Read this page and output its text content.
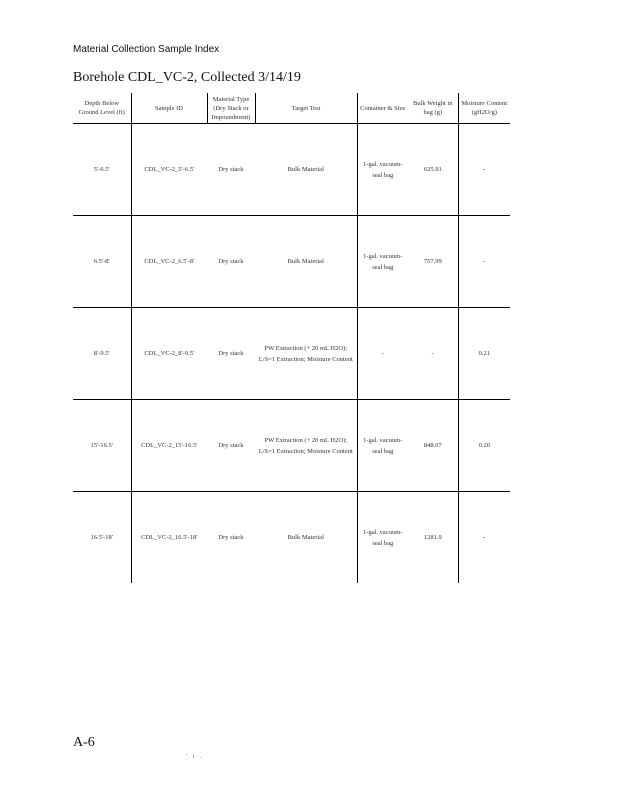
Material Collection Sample Index
Borehole CDL_VC-2, Collected 3/14/19
Depth Below Ground Level (ft)	Sample ID	Material Type (Dry Stack or Impoundment)	Target Test	Container & Size	Bulk Weight in bag (g)	Moisture Content (gH2O/g)
5'-6.5'	CDL_VC-2_5'-6.5'	Dry stack	Bulk Material	1-gal. vacuum-seal bag	625.91	-
6.5'-8'	CDL_VC-2_6.5'-8'	Dry stack	Bulk Material	1-gal. vacuum-seal bag	757.99	-
8'-9.5'	CDL_VC-2_8'-9.5'	Dry stack	PW Extraction (+ 20 mL H2O); L/S=1 Extraction; Moisture Content	-	-	0.21
15'-16.5'	CDL_VC-2_15'-16.5'	Dry stack	PW Extraction (+ 20 mL H2O); L/S=1 Extraction; Moisture Content	1-gal. vacuum-seal bag	848.07	0.20
16.5'-18'	CDL_VC-2_16.5'-18'	Dry stack	Bulk Material	1-gal. vacuum-seal bag	1281.9	-
A-6
' i .
